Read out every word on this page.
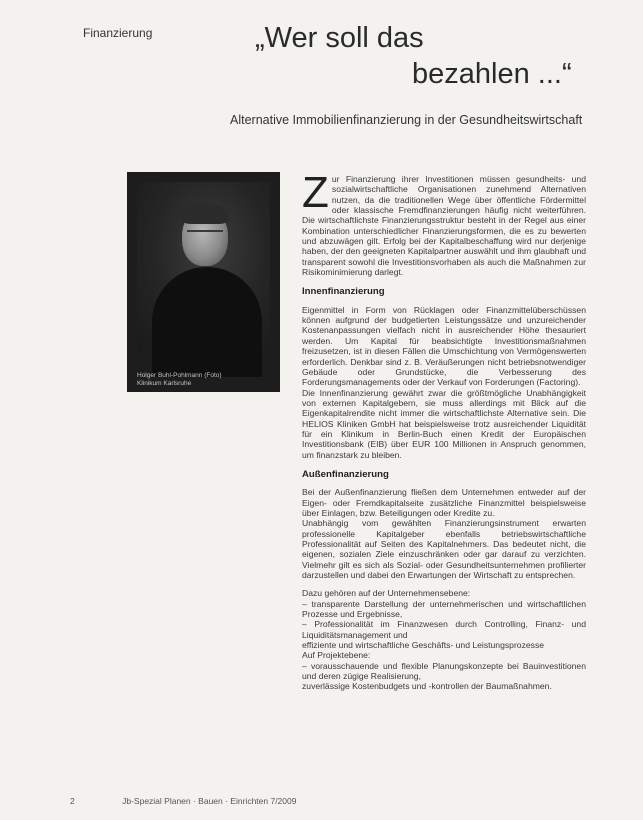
Finanzierung	„Wer soll das
bezahlen ...“
Alternative Immobilienfinanzierung in der Gesundheitswirtschaft
Holger Buhl-Pohlmann (Foto)
Klinikum Karlsruhe

Zur Finanzierung ihrer Investitionen müssen gesundheits- und sozialwirtschaftliche Organisationen zunehmend Alternativen nutzen, da die traditionellen Wege über öffentliche Fördermittel oder klassische Fremdfinanzierungen häufig nicht weiterführen. Die wirtschaftlichste Finanzierungsstruktur besteht in der Regel aus einer Kombination unterschiedlicher Finanzierungsformen, die es zu bewerten und abzuwägen gilt. Erfolg bei der Kapitalbeschaffung wird nur derjenige haben, der den geeigneten Kapitalpartner auswählt und ihm glaubhaft und transparent sowohl die Investitionsvorhaben als auch die Maßnahmen zur Risikominimierung darlegt.

Innenfinanzierung

Eigenmittel in Form von Rücklagen oder Finanzmittelüberschüssen können aufgrund der budgetierten Leistungssätze und unzureichender Kostenanpassungen vielfach nicht in ausreichender Höhe thesauriert werden. Um Kapital für beabsichtigte Investitionsmaßnahmen freizusetzen, ist in diesen Fällen die Umschichtung von Vermögenswerten erforderlich. Denkbar sind z. B. Veräußerungen nicht betriebsnotwendiger Gebäude oder Grundstücke, die Verbesserung des Forderungsmanagements oder der Verkauf von Forderungen (Factoring).

Die Innenfinanzierung gewährt zwar die größtmögliche Unabhängigkeit von externen Kapitalgebern, sie muss allerdings mit Blick auf die Eigenkapitalrendite nicht immer die wirtschaftlichste Alternative sein. Die HELIOS Kliniken GmbH hat beispielsweise trotz ausreichender Liquidität für ein Klinikum in Berlin-Buch einen Kredit der Europäischen Investitionsbank (EIB) über EUR 100 Millionen in Anspruch genommen, um finanzstark zu bleiben.

Außenfinanzierung

Bei der Außenfinanzierung fließen dem Unternehmen entweder auf der Eigen- oder Fremdkapitalseite zusätzliche Finanzmittel beispielsweise über Einlagen, bzw. Beteiligungen oder Kredite zu.

Unabhängig vom gewählten Finanzierungsinstrument erwarten professionelle Kapitalgeber ebenfalls betriebswirtschaftliche Professionalität auf Seiten des Kapitalnehmers. Das bedeutet nicht, die eigenen, sozialen Ziele einzuschränken oder gar darauf zu verzichten. Vielmehr gilt es sich als Sozial- oder Gesundheitsunternehmen profilierter darzustellen und dabei den Erwartungen der Wirtschaft zu entsprechen.

Dazu gehören auf der Unternehmensebene:

– transparente Darstellung der unternehmerischen und wirtschaftlichen Prozesse und Ergebnisse,
– Professionalität im Finanzwesen durch Controlling, Finanz- und Liquiditätsmanagement und
effiziente und wirtschaftliche Geschäfts- und Leistungsprozesse
Auf Projektebene:
– vorausschauende und flexible Planungskonzepte bei Bauinvestitionen und deren zügige Realisierung,
zuverlässige Kostenbudgets und -kontrollen der Baumaßnahmen.
2	Jb-Spezial Planen · Bauen · Einrichten 7/2009
